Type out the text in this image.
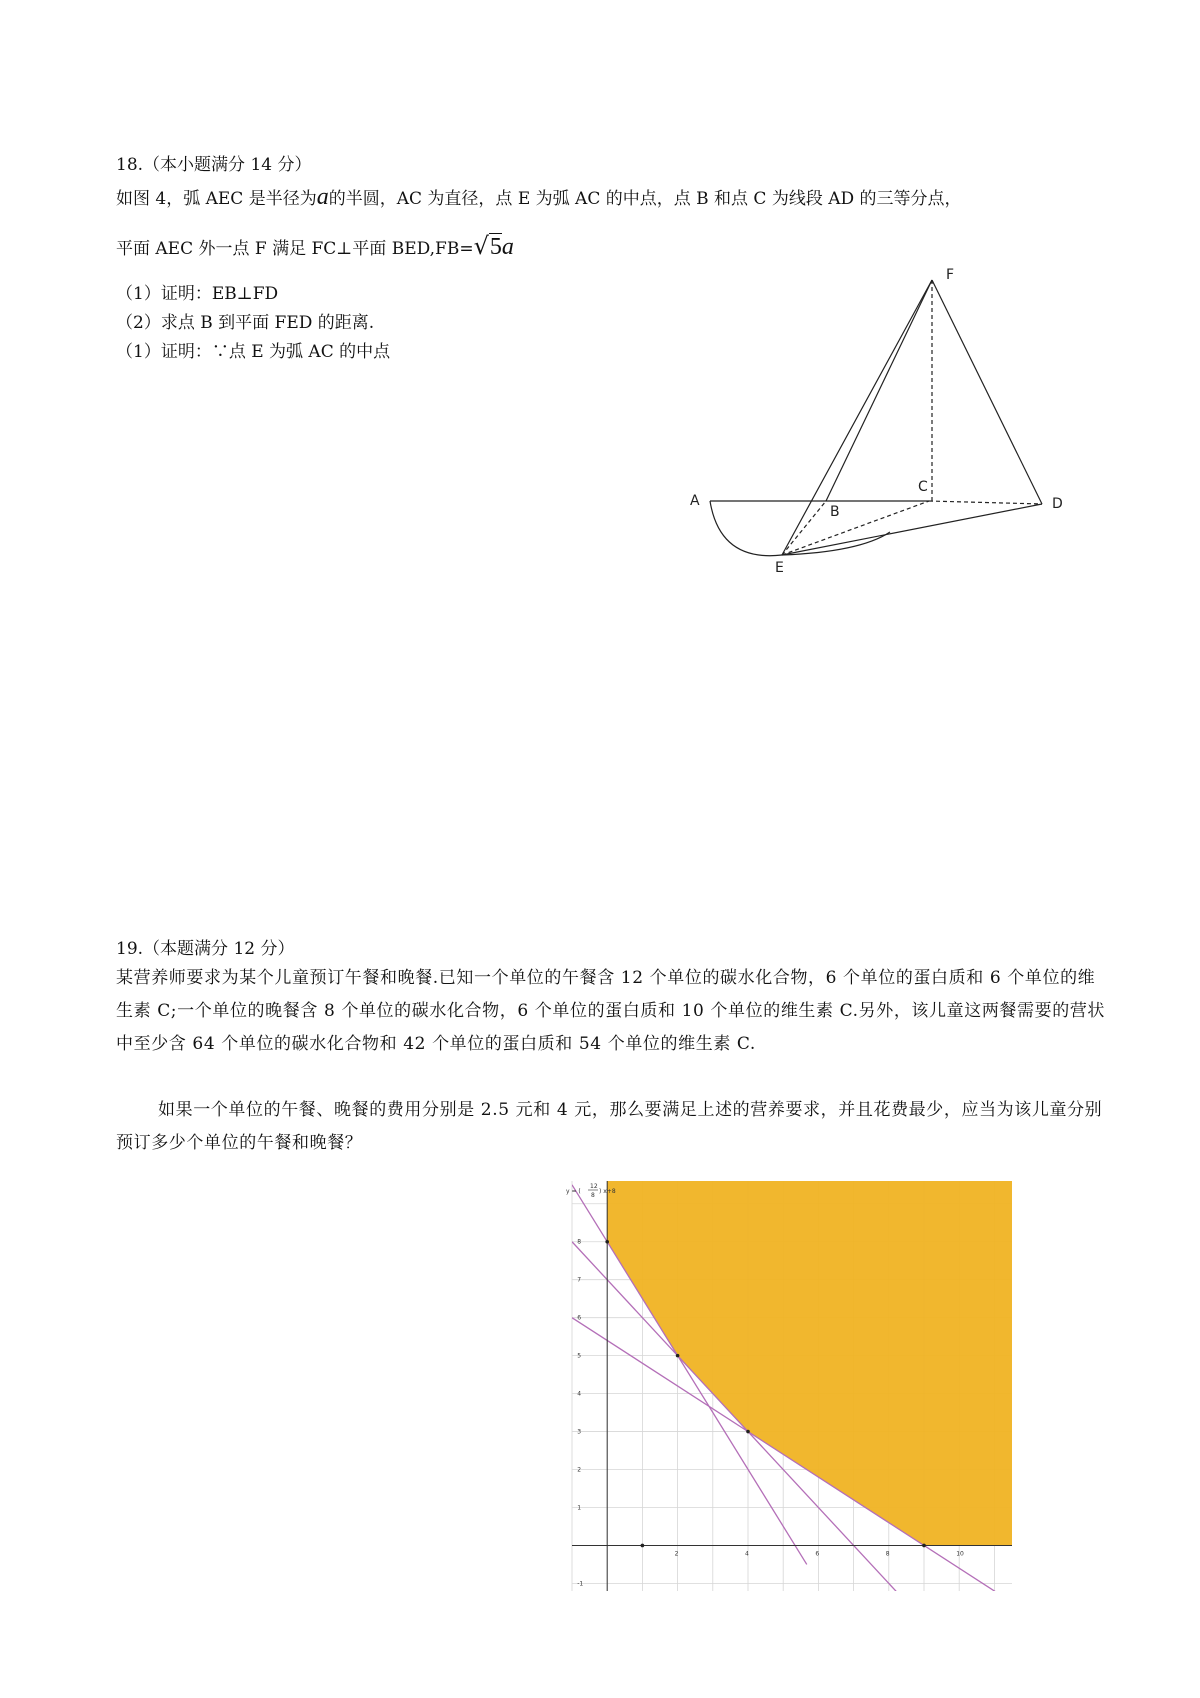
18.（本小题满分 14 分）

如图 4，弧 AEC 是半径为a的半圆，AC 为直径，点 E 为弧 AC 的中点，点 B 和点 C 为线段 AD 的三等分点，

平面 AEC 外一点 F 满足 FC⊥平面 BED,FB=√5a

（1）证明：EB⊥FD

（2）求点 B 到平面 FED 的距离.

（1）证明：∵点 E 为弧 AC 的中点

F
A
B
C
D
E

19.（本题满分 12 分）

某营养师要求为某个儿童预订午餐和晚餐.已知一个单位的午餐含 12 个单位的碳水化合物，6 个单位的蛋白质和 6 个单位的维生素 C;一个单位的晚餐含 8 个单位的碳水化合物，6 个单位的蛋白质和 10 个单位的维生素 C.另外，该儿童这两餐需要的营状中至少含 64 个单位的碳水化合物和 42 个单位的蛋白质和 54 个单位的维生素 C.

如果一个单位的午餐、晚餐的费用分别是 2.5 元和 4 元，那么要满足上述的营养要求，并且花费最少，应当为该儿童分别预订多少个单位的午餐和晚餐？

2	4	6	8	10
-1
1
2
3
4
5
6
7
8
y = (
12
8
) x+8
